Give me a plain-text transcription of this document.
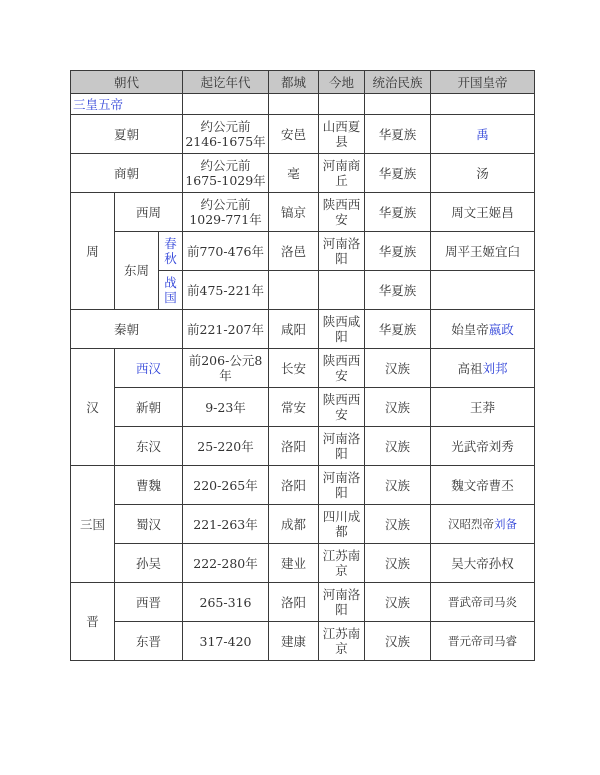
朝代			起讫年代	都城	今地	统治民族	开国皇帝
三皇五帝							
夏朝			约公元前2146-1675年	安邑	山西夏县	华夏族	禹
商朝			约公元前1675-1029年	亳	河南商丘	华夏族	汤
周	西周		约公元前1029-771年	镐京	陕西西安	华夏族	周文王姬昌
	东周	春秋	前770-476年	洛邑	河南洛阳	华夏族	周平王姬宜臼
		战国	前475-221年			华夏族	
秦朝			前221-207年	咸阳	陕西咸阳	华夏族	始皇帝嬴政
汉	西汉		前206-公元8年	长安	陕西西安	汉族	高祖刘邦
	新朝		9-23年	常安	陕西西安	汉族	王莽
	东汉		25-220年	洛阳	河南洛阳	汉族	光武帝刘秀
三国	曹魏		220-265年	洛阳	河南洛阳	汉族	魏文帝曹丕
	蜀汉		221-263年	成都	四川成都	汉族	汉昭烈帝刘备
	孙吴		222-280年	建业	江苏南京	汉族	吴大帝孙权
晋	西晋		265-316	洛阳	河南洛阳	汉族	晋武帝司马炎
	东晋		317-420	建康	江苏南京	汉族	晋元帝司马睿
